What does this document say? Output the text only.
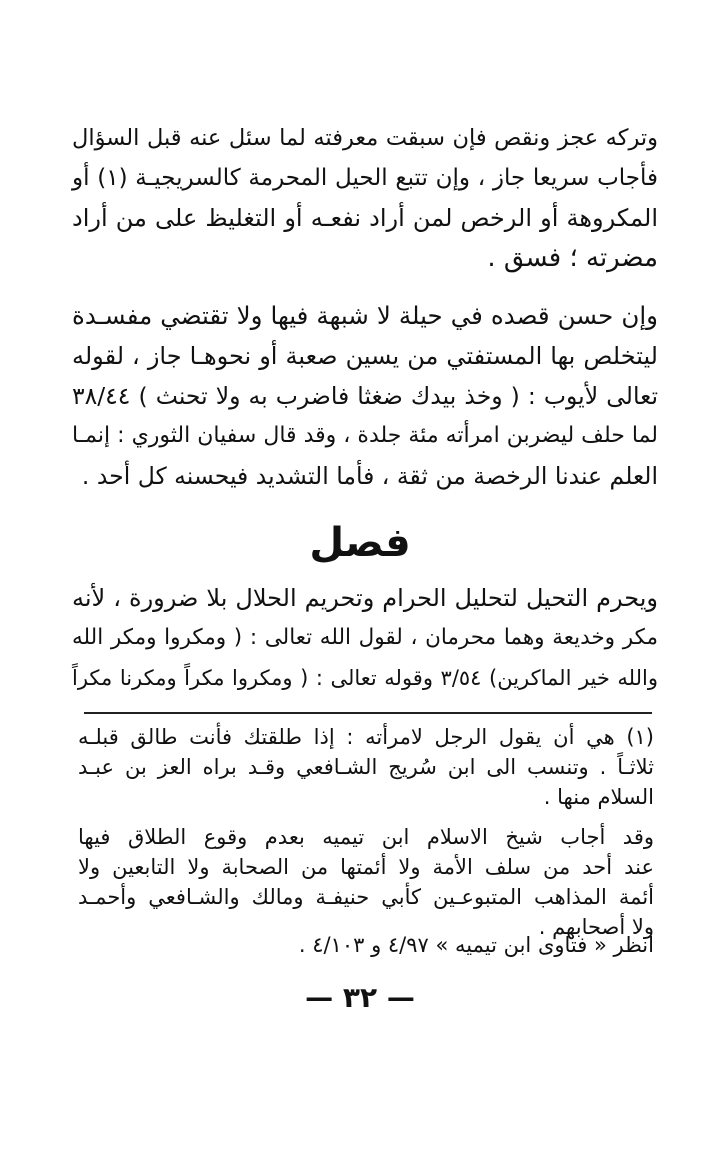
وتركه عجز ونقص فإن سبقت معرفته لما سئل عنه قبل السؤال
فأجاب سريعا جاز ، وإن تتبع الحيل المحرمة كالسريجيـة (١) أو
المكروهة أو الرخص لمن أراد نفعـه أو التغليظ على من أراد
مضرته ؛ فسق .
وإن حسن قصده في حيلة لا شبهة فيها ولا تقتضي مفسـدة
ليتخلص بها المستفتي من يسين صعبة أو نحوهـا جاز ، لقوله
تعالى لأيوب : ( وخذ بيدك ضغثا فاضرب به ولا تحنث ) ٣٨/٤٤
لما حلف ليضربن امرأته مئة جلدة ، وقد قال سفيان الثوري : إنمـا
العلم عندنا الرخصة من ثقة ، فأما التشديد فيحسنه كل أحد .
فصل
ويحرم التحيل لتحليل الحرام وتحريم الحلال بلا ضرورة ، لأنه
مكر وخديعة وهما محرمان ، لقول الله تعالى : ( ومكروا ومكر الله
والله خير الماكرين) ٣/٥٤ وقوله تعالى : ( ومكروا مكراً ومكرنا مكراً
(١) هي أن يقول الرجل لامرأته : إذا طلقتك فأنت طالق قبلـه
ثلاثـاً . وتنسب الى ابن سُريج الشـافعي وقـد براه العز بن عبـد
السلام منها .
وقد أجاب شيخ الاسلام ابن تيميه بعدم وقوع الطلاق فيها
عند أحد من سلف الأمة ولا أئمتها من الصحابة ولا التابعين ولا
أئمة المذاهب المتبوعـين كأبي حنيفـة ومالك والشـافعي وأحمـد
ولا أصحابهم .
انظر « فتاوى ابن تيميه » ٤/٩٧ و ٤/١٠٣ .
— ٣٢ —
